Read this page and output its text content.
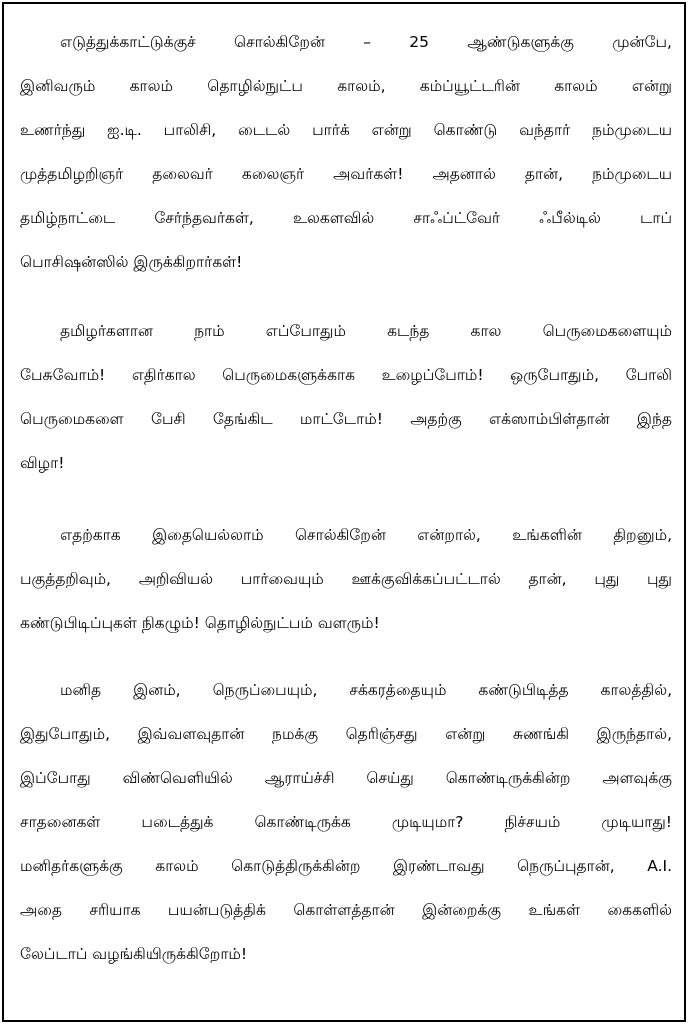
எடுத்துக்காட்டுக்குச் சொல்கிறேன் – 25 ஆண்டுகளுக்கு முன்பே,
இனிவரும் காலம் தொழில்நுட்ப காலம், கம்ப்யூட்டரின் காலம் என்று
உணர்ந்து ஐ.டி. பாலிசி, டைடல் பார்க் என்று கொண்டு வந்தார் நம்முடைய
முத்தமிழறிஞர் தலைவர் கலைஞர் அவர்கள்! அதனால் தான், நம்முடைய
தமிழ்நாட்டை சேர்ந்தவர்கள், உலகளவில் சாஃப்ட்வேர் ஃபீல்டில் டாப்
பொசிஷன்ஸில் இருக்கிறார்கள்!
தமிழர்களான நாம் எப்போதும் கடந்த கால பெருமைகளையும்
பேசுவோம்! எதிர்கால பெருமைகளுக்காக உழைப்போம்! ஒருபோதும், போலி
பெருமைகளை பேசி தேங்கிட மாட்டோம்! அதற்கு எக்ஸாம்பிள்தான் இந்த
விழா!
எதற்காக இதையெல்லாம் சொல்கிறேன் என்றால், உங்களின் திறனும்,
பகுத்தறிவும், அறிவியல் பார்வையும் ஊக்குவிக்கப்பட்டால் தான், புது புது
கண்டுபிடிப்புகள் நிகழும்! தொழில்நுட்பம் வளரும்!
மனித இனம், நெருப்பையும், சக்கரத்தையும் கண்டுபிடித்த காலத்தில்,
இதுபோதும், இவ்வளவுதான் நமக்கு தெரிஞ்சது என்று சுணங்கி இருந்தால்,
இப்போது விண்வெளியில் ஆராய்ச்சி செய்து கொண்டிருக்கின்ற அளவுக்கு
சாதனைகள் படைத்துக் கொண்டிருக்க முடியுமா? நிச்சயம் முடியாது!
மனிதர்களுக்கு காலம் கொடுத்திருக்கின்ற இரண்டாவது நெருப்புதான், A.I.
அதை சரியாக பயன்படுத்திக் கொள்ளத்தான் இன்றைக்கு உங்கள் கைகளில்
லேப்டாப் வழங்கியிருக்கிறோம்!
